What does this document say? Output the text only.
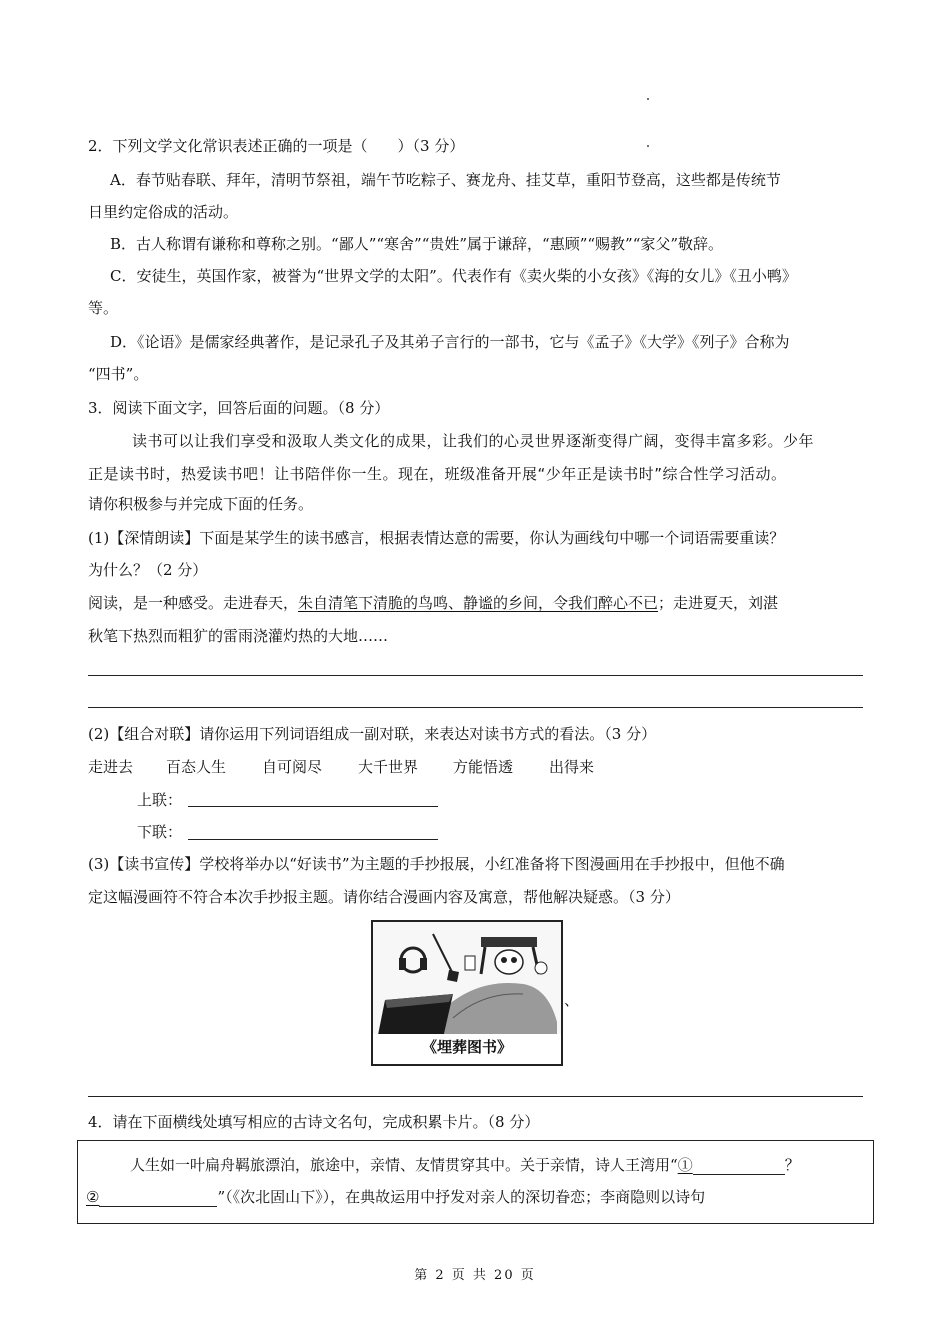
2．下列文学文化常识表述正确的一项是（　　）（3 分）
A．春节贴春联、拜年，清明节祭祖，端午节吃粽子、赛龙舟、挂艾草，重阳节登高，这些都是传统节
日里约定俗成的活动。
B．古人称谓有谦称和尊称之别。“鄙人”“寒舍”“贵姓”属于谦辞，“惠顾”“赐教”“家父”敬辞。
C．安徒生，英国作家，被誉为“世界文学的太阳”。代表作有《卖火柴的小女孩》《海的女儿》《丑小鸭》
等。
D．《论语》是儒家经典著作，是记录孔子及其弟子言行的一部书，它与《孟子》《大学》《列子》合称为
“四书”。
3．阅读下面文字，回答后面的问题。（8 分）
读书可以让我们享受和汲取人类文化的成果，让我们的心灵世界逐渐变得广阔，变得丰富多彩。少年
正是读书时，热爱读书吧！让书陪伴你一生。现在，班级准备开展“少年正是读书时”综合性学习活动。
请你积极参与并完成下面的任务。
(1)【深情朗读】下面是某学生的读书感言，根据表情达意的需要，你认为画线句中哪一个词语需要重读？
为什么？（2 分）
阅读，是一种感受。走进春天，朱自清笔下清脆的鸟鸣、静谧的乡间，令我们醉心不已；走进夏天，刘湛
秋笔下热烈而粗犷的雷雨浇灌灼热的大地……
(2)【组合对联】请你运用下列词语组成一副对联，来表达对读书方式的看法。（3 分）
走进去 百态人生 自可阅尽 大千世界 方能悟透 出得来
上联：
下联：
(3)【读书宣传】学校将举办以“好读书”为主题的手抄报展，小红准备将下图漫画用在手抄报中，但他不确
定这幅漫画符不符合本次手抄报主题。请你结合漫画内容及寓意，帮他解决疑惑。（3 分）
《埋葬图书》
、
4．请在下面横线处填写相应的古诗文名句，完成积累卡片。（8 分）
人生如一叶扁舟羁旅漂泊，旅途中，亲情、友情贯穿其中。关于亲情，诗人王湾用“①	？
②	”（《次北固山下》），在典故运用中抒发对亲人的深切眷恋；李商隐则以诗句
第 2 页 共 20 页
